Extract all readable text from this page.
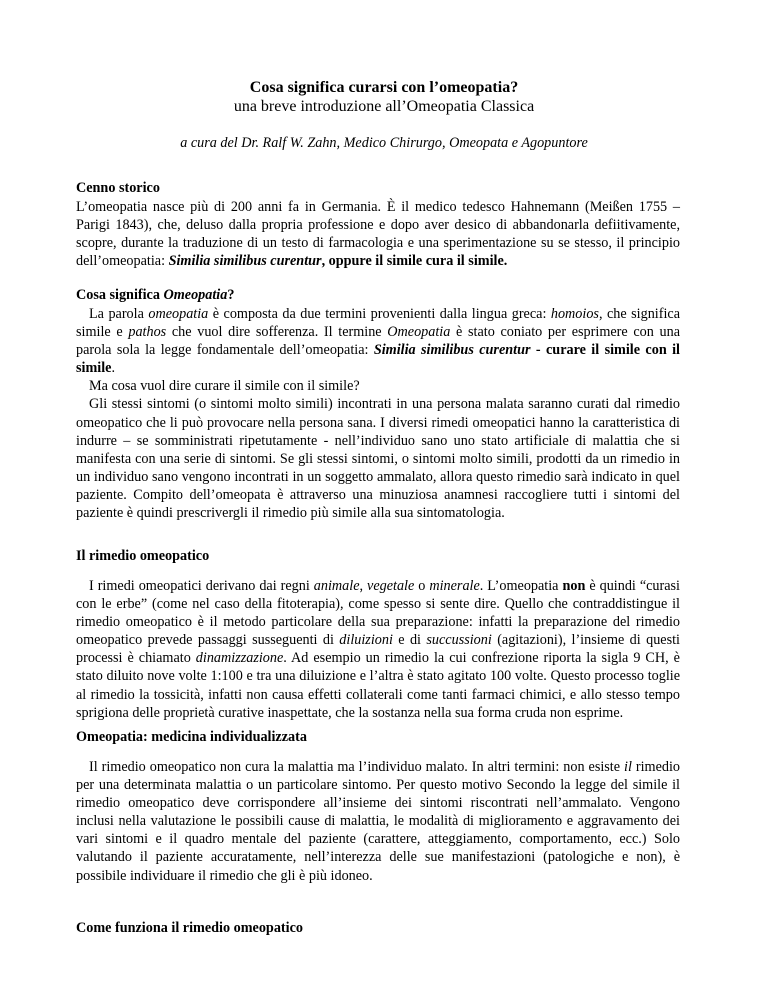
Cosa significa curarsi con l’omeopatia?
una breve introduzione all’Omeopatia Classica
a cura del Dr. Ralf W. Zahn, Medico Chirurgo, Omeopata e Agopuntore
Cenno storico

L’omeopatia nasce più di 200 anni fa in Germania. È il medico tedesco Hahnemann (Meißen 1755 – Parigi 1843), che, deluso dalla propria professione e dopo aver desico di abbandonarla defiitivamente, scopre, durante la traduzione di un testo di farmacologia e una sperimentazione su se stesso, il principio dell’omeopatia: Similia similibus curentur, oppure il simile cura il simile.

Cosa significa Omeopatia?

La parola omeopatia è composta da due termini provenienti dalla lingua greca: homoios, che significa simile e pathos che vuol dire sofferenza. Il termine Omeopatia è stato coniato per esprimere con una parola sola la legge fondamentale dell’omeopatia: Similia similibus curentur - curare il simile con il simile.

Ma cosa vuol dire curare il simile con il simile?

Gli stessi sintomi (o sintomi molto simili) incontrati in una persona malata saranno curati dal rimedio omeopatico che li può provocare nella persona sana. I diversi rimedi omeopatici hanno la caratteristica di indurre – se somministrati ripetutamente - nell’individuo sano uno stato artificiale di malattia che si manifesta con una serie di sintomi. Se gli stessi sintomi, o sintomi molto simili, prodotti da un rimedio in un individuo sano vengono incontrati in un soggetto ammalato, allora questo rimedio sarà indicato in quel paziente. Compito dell’omeopata è attraverso una minuziosa anamnesi raccogliere tutti i sintomi del paziente è quindi prescrivergli il rimedio più simile alla sua sintomatologia.

Il rimedio omeopatico

I rimedi omeopatici derivano dai regni animale, vegetale o minerale. L’omeopatia non è quindi “curasi con le erbe” (come nel caso della fitoterapia), come spesso si sente dire. Quello che contraddistingue il rimedio omeopatico è il metodo particolare della sua preparazione: infatti la preparazione del rimedio omeopatico prevede passaggi susseguenti di diluizioni e di succussioni (agitazioni), l’insieme di questi processi è chiamato dinamizzazione. Ad esempio un rimedio la cui confrezione riporta la sigla 9 CH, è stato diluito nove volte 1:100 e tra una diluizione e l’altra è stato agitato 100 volte. Questo processo toglie al rimedio la tossicità, infatti non causa effetti collaterali come tanti farmaci chimici, e allo stesso tempo sprigiona delle proprietà curative inaspettate, che la sostanza nella sua forma cruda non esprime.

Omeopatia: medicina individualizzata

Il rimedio omeopatico non cura la malattia ma l’individuo malato. In altri termini: non esiste il rimedio per una determinata malattia o un particolare sintomo. Per questo motivo Secondo la legge del simile il rimedio omeopatico deve corrispondere all’insieme dei sintomi riscontrati nell’ammalato. Vengono inclusi nella valutazione le possibili cause di malattia, le modalità di miglioramento e aggravamento dei vari sintomi e il quadro mentale del paziente (carattere, atteggiamento, comportamento, ecc.) Solo valutando il paziente accuratamente, nell’interezza delle sue manifestazioni (patologiche e non), è possibile individuare il rimedio che gli è più idoneo.

Come funziona il rimedio omeopatico
